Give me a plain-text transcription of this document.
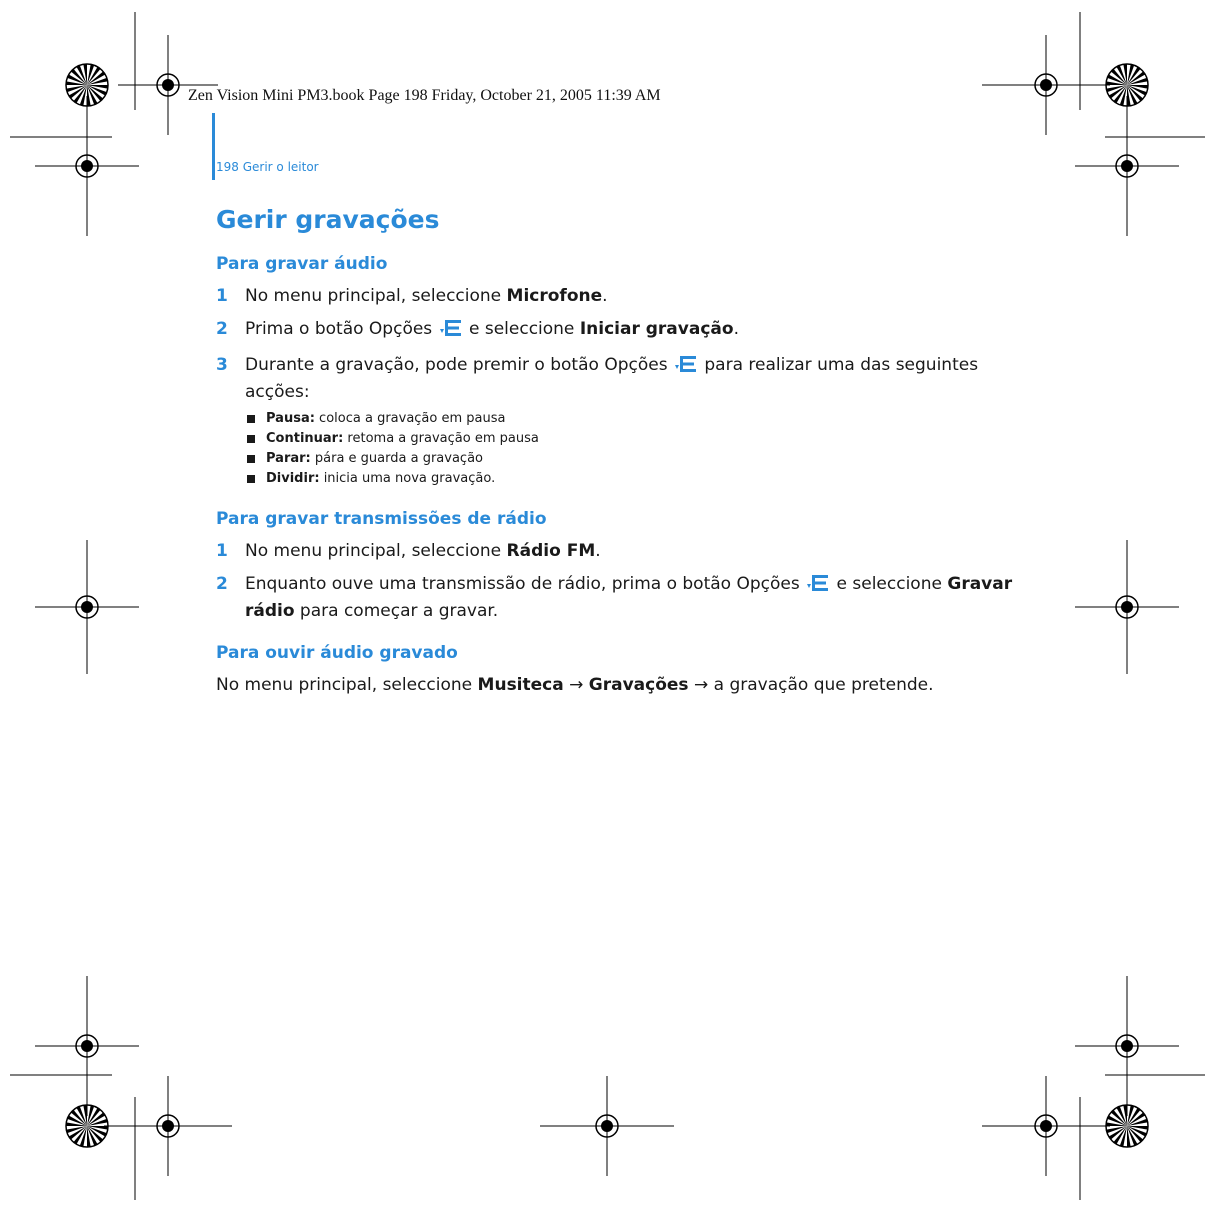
Zen Vision Mini PM3.book Page 198 Friday, October 21, 2005 11:39 AM

198 Gerir o leitor

Gerir gravações
Para gravar áudio
1 No menu principal, seleccione Microfone.
2 Prima o botão Opções  e seleccione Iniciar gravação.
3 Durante a gravação, pode premir o botão Opções  para realizar uma das seguintes acções:
Pausa: coloca a gravação em pausa
Continuar: retoma a gravação em pausa
Parar: pára e guarda a gravação
Dividir: inicia uma nova gravação.
Para gravar transmissões de rádio
1 No menu principal, seleccione Rádio FM.
2 Enquanto ouve uma transmissão de rádio, prima o botão Opções  e seleccione Gravar rádio para começar a gravar.
Para ouvir áudio gravado

No menu principal, seleccione Musiteca → Gravações → a gravação que pretende.
